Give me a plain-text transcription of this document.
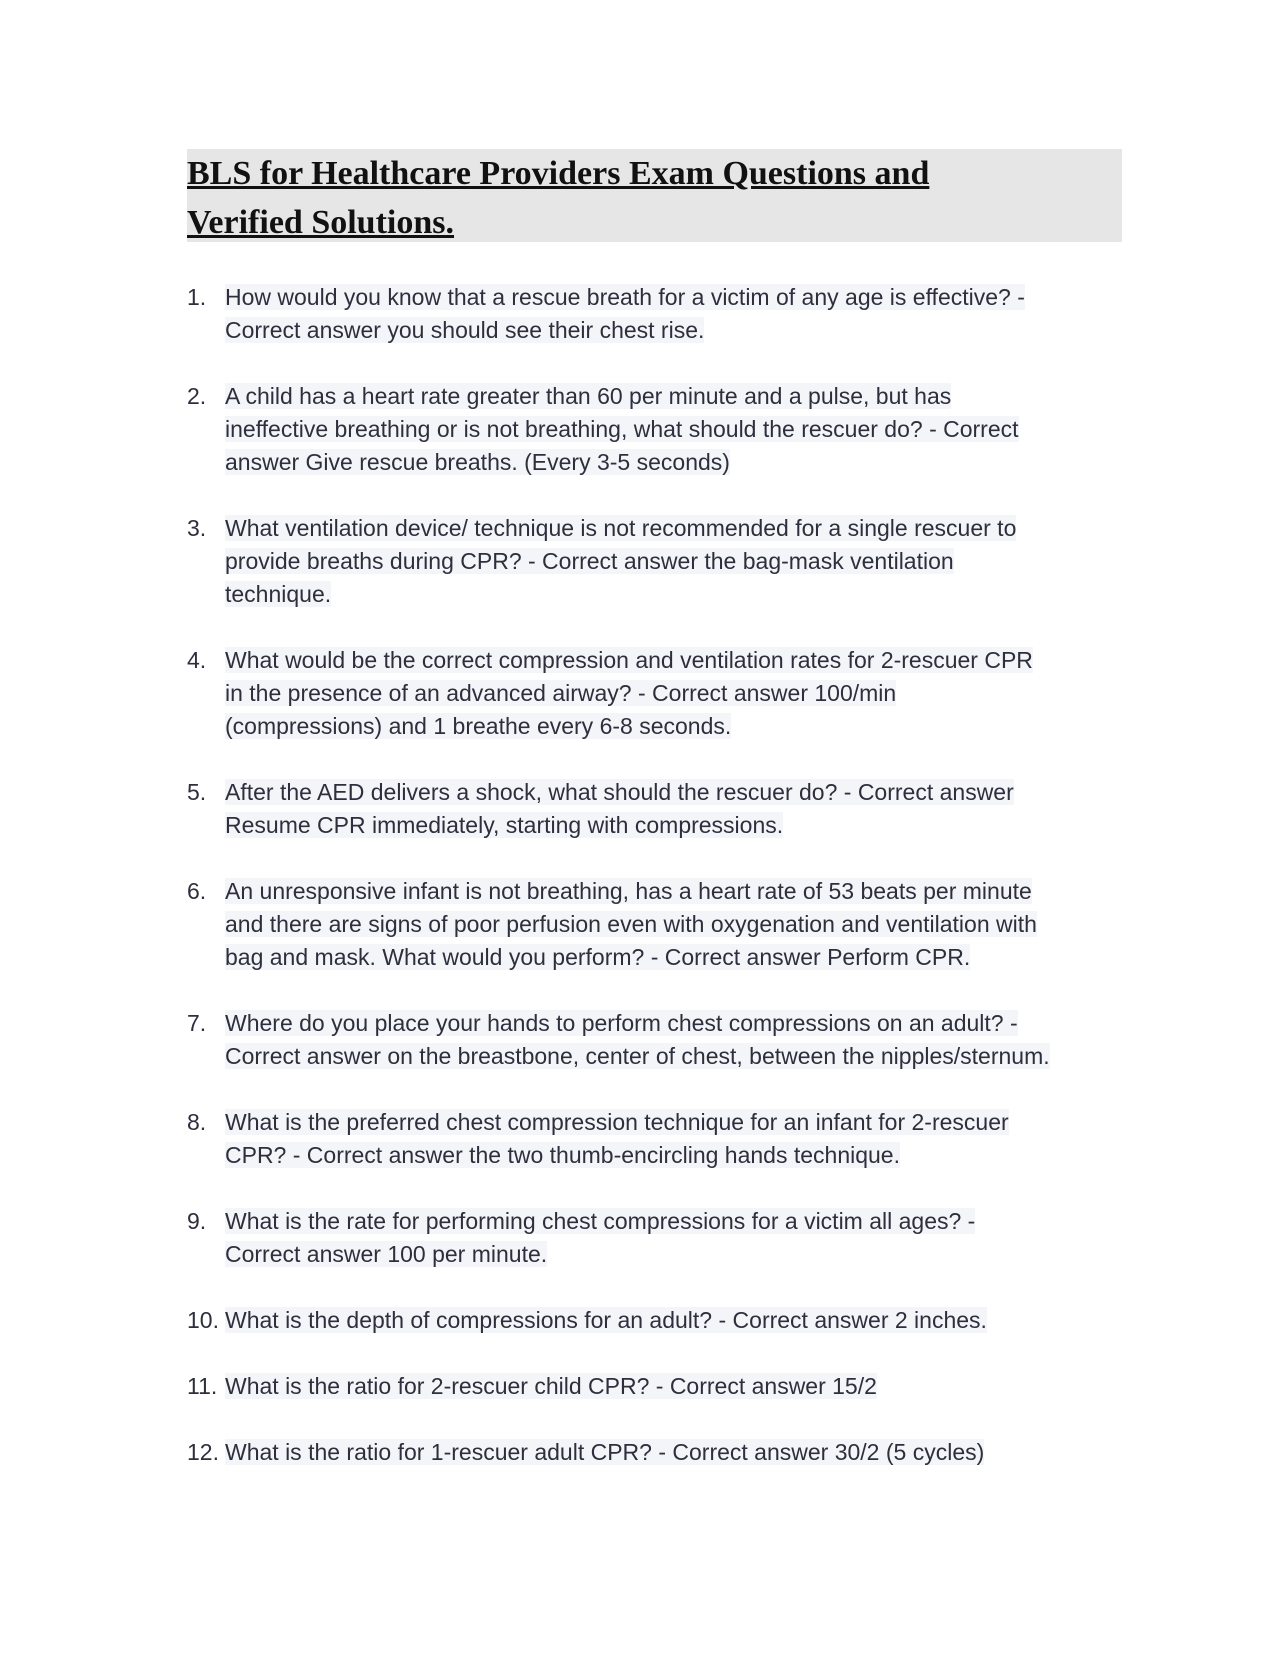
BLS for Healthcare Providers Exam Questions and
Verified Solutions.
1. How would you know that a rescue breath for a victim of any age is effective? -
Correct answer you should see their chest rise.
2. A child has a heart rate greater than 60 per minute and a pulse, but has
ineffective breathing or is not breathing, what should the rescuer do? - Correct
answer Give rescue breaths. (Every 3-5 seconds)
3. What ventilation device/ technique is not recommended for a single rescuer to
provide breaths during CPR? - Correct answer the bag-mask ventilation
technique.
4. What would be the correct compression and ventilation rates for 2-rescuer CPR
in the presence of an advanced airway? - Correct answer 100/min
(compressions) and 1 breathe every 6-8 seconds.
5. After the AED delivers a shock, what should the rescuer do? - Correct answer
Resume CPR immediately, starting with compressions.
6. An unresponsive infant is not breathing, has a heart rate of 53 beats per minute
and there are signs of poor perfusion even with oxygenation and ventilation with
bag and mask. What would you perform? - Correct answer Perform CPR.
7. Where do you place your hands to perform chest compressions on an adult? -
Correct answer on the breastbone, center of chest, between the nipples/sternum.
8. What is the preferred chest compression technique for an infant for 2-rescuer
CPR? - Correct answer the two thumb-encircling hands technique.
9. What is the rate for performing chest compressions for a victim all ages? -
Correct answer 100 per minute.
10. What is the depth of compressions for an adult? - Correct answer 2 inches.
11. What is the ratio for 2-rescuer child CPR? - Correct answer 15/2
12. What is the ratio for 1-rescuer adult CPR? - Correct answer 30/2 (5 cycles)
